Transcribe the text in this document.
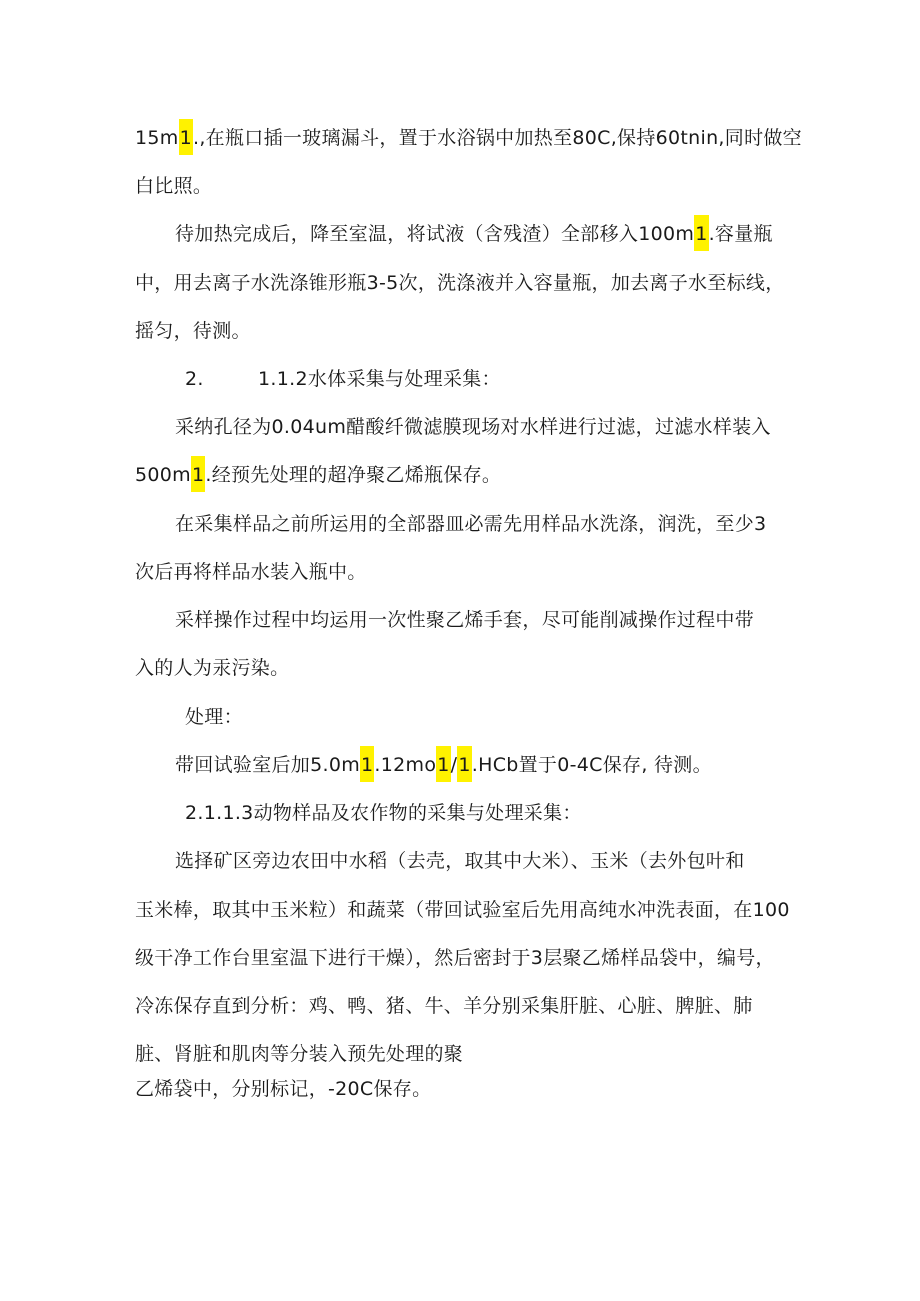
15m1.,在瓶口插一玻璃漏斗，置于水浴锅中加热至80C,保持60tnin,同时做空
白比照。
待加热完成后，降至室温，将试液（含残渣）全部移入100m1.容量瓶
中，用去离子水洗涤锥形瓶3-5次，洗涤液并入容量瓶，加去离子水至标线，
摇匀，待测。
2.	1.1.2水体采集与处理采集：
采纳孔径为0.04um醋酸纤微滤膜现场对水样进行过滤，过滤水样装入
500m1.经预先处理的超净聚乙烯瓶保存。
在采集样品之前所运用的全部器皿必需先用样品水洗涤，润洗，至少3
次后再将样品水装入瓶中。
采样操作过程中均运用一次性聚乙烯手套，尽可能削减操作过程中带
入的人为汞污染。
处理：
带回试验室后加5.0m1.12mo1∕1.HCb置于0-4C保存, 待测。
2.1.1.3动物样品及农作物的采集与处理采集：
选择矿区旁边农田中水稻（去壳，取其中大米）、玉米（去外包叶和
玉米棒，取其中玉米粒）和蔬菜（带回试验室后先用高纯水冲洗表面，在100
级干净工作台里室温下进行干燥），然后密封于3层聚乙烯样品袋中，编号，
冷冻保存直到分析：鸡、鸭、猪、牛、羊分别采集肝脏、心脏、脾脏、肺
脏、肾脏和肌肉等分装入预先处理的聚
乙烯袋中，分别标记，-20C保存。
